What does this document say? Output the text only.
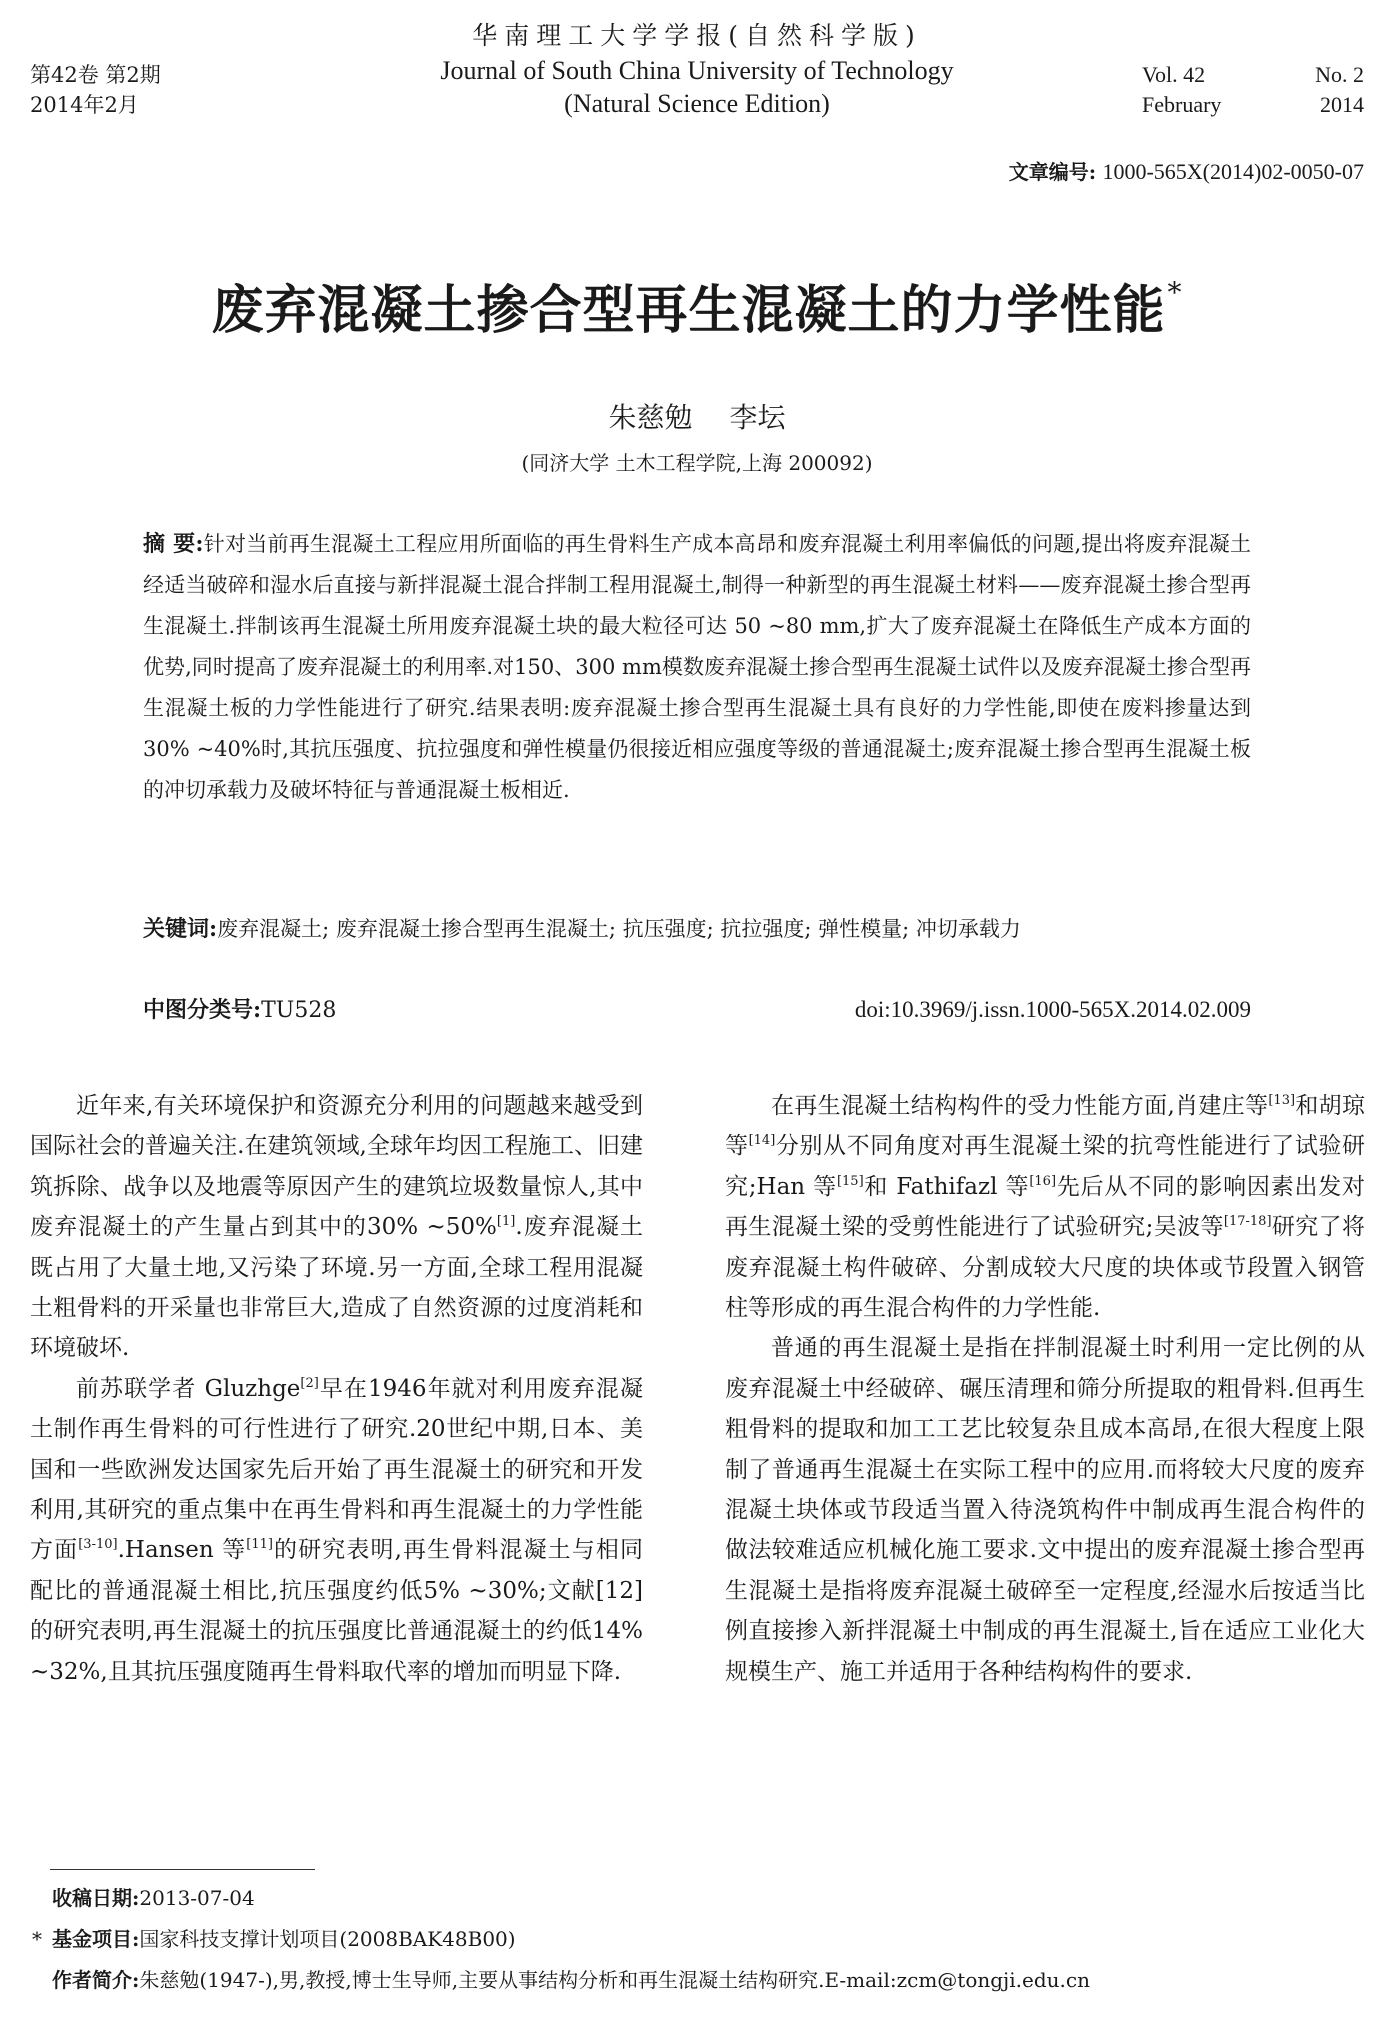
第42卷 第2期
2014年2月
华南理工大学学报(自然科学版)
Journal of South China University of Technology
(Natural Science Edition)
Vol. 42	No. 2
February	2014
文章编号: 1000-565X(2014)02-0050-07
废弃混凝土掺合型再生混凝土的力学性能*
朱慈勉 李坛
(同济大学 土木工程学院,上海 200092)
摘 要:针对当前再生混凝土工程应用所面临的再生骨料生产成本高昂和废弃混凝土利用率偏低的问题,提出将废弃混凝土经适当破碎和湿水后直接与新拌混凝土混合拌制工程用混凝土,制得一种新型的再生混凝土材料——废弃混凝土掺合型再生混凝土.拌制该再生混凝土所用废弃混凝土块的最大粒径可达 50 ~80 mm,扩大了废弃混凝土在降低生产成本方面的优势,同时提高了废弃混凝土的利用率.对150、300 mm模数废弃混凝土掺合型再生混凝土试件以及废弃混凝土掺合型再生混凝土板的力学性能进行了研究.结果表明:废弃混凝土掺合型再生混凝土具有良好的力学性能,即使在废料掺量达到30% ~40%时,其抗压强度、抗拉强度和弹性模量仍很接近相应强度等级的普通混凝土;废弃混凝土掺合型再生混凝土板的冲切承载力及破坏特征与普通混凝土板相近.
关键词:废弃混凝土; 废弃混凝土掺合型再生混凝土; 抗压强度; 抗拉强度; 弹性模量; 冲切承载力
中图分类号:TU528	doi:10.3969/j.issn.1000-565X.2014.02.009

近年来,有关环境保护和资源充分利用的问题越来越受到国际社会的普遍关注.在建筑领域,全球年均因工程施工、旧建筑拆除、战争以及地震等原因产生的建筑垃圾数量惊人,其中废弃混凝土的产生量占到其中的30% ~50%[1].废弃混凝土既占用了大量土地,又污染了环境.另一方面,全球工程用混凝土粗骨料的开采量也非常巨大,造成了自然资源的过度消耗和环境破坏.

前苏联学者 Gluzhge[2]早在1946年就对利用废弃混凝土制作再生骨料的可行性进行了研究.20世纪中期,日本、美国和一些欧洲发达国家先后开始了再生混凝土的研究和开发利用,其研究的重点集中在再生骨料和再生混凝土的力学性能方面[3-10].Hansen 等[11]的研究表明,再生骨料混凝土与相同配比的普通混凝土相比,抗压强度约低5% ~30%;文献[12]的研究表明,再生混凝土的抗压强度比普通混凝土的约低14% ~32%,且其抗压强度随再生骨料取代率的增加而明显下降.

在再生混凝土结构构件的受力性能方面,肖建庄等[13]和胡琼等[14]分别从不同角度对再生混凝土梁的抗弯性能进行了试验研究;Han 等[15]和 Fathifazl 等[16]先后从不同的影响因素出发对再生混凝土梁的受剪性能进行了试验研究;吴波等[17-18]研究了将废弃混凝土构件破碎、分割成较大尺度的块体或节段置入钢管柱等形成的再生混合构件的力学性能.

普通的再生混凝土是指在拌制混凝土时利用一定比例的从废弃混凝土中经破碎、碾压清理和筛分所提取的粗骨料.但再生粗骨料的提取和加工工艺比较复杂且成本高昂,在很大程度上限制了普通再生混凝土在实际工程中的应用.而将较大尺度的废弃混凝土块体或节段适当置入待浇筑构件中制成再生混合构件的做法较难适应机械化施工要求.文中提出的废弃混凝土掺合型再生混凝土是指将废弃混凝土破碎至一定程度,经湿水后按适当比例直接掺入新拌混凝土中制成的再生混凝土,旨在适应工业化大规模生产、施工并适用于各种结构构件的要求.

收稿日期:2013-07-04
* 基金项目:国家科技支撑计划项目(2008BAK48B00)
作者简介:朱慈勉(1947-),男,教授,博士生导师,主要从事结构分析和再生混凝土结构研究.E-mail:zcm@tongji.edu.cn
